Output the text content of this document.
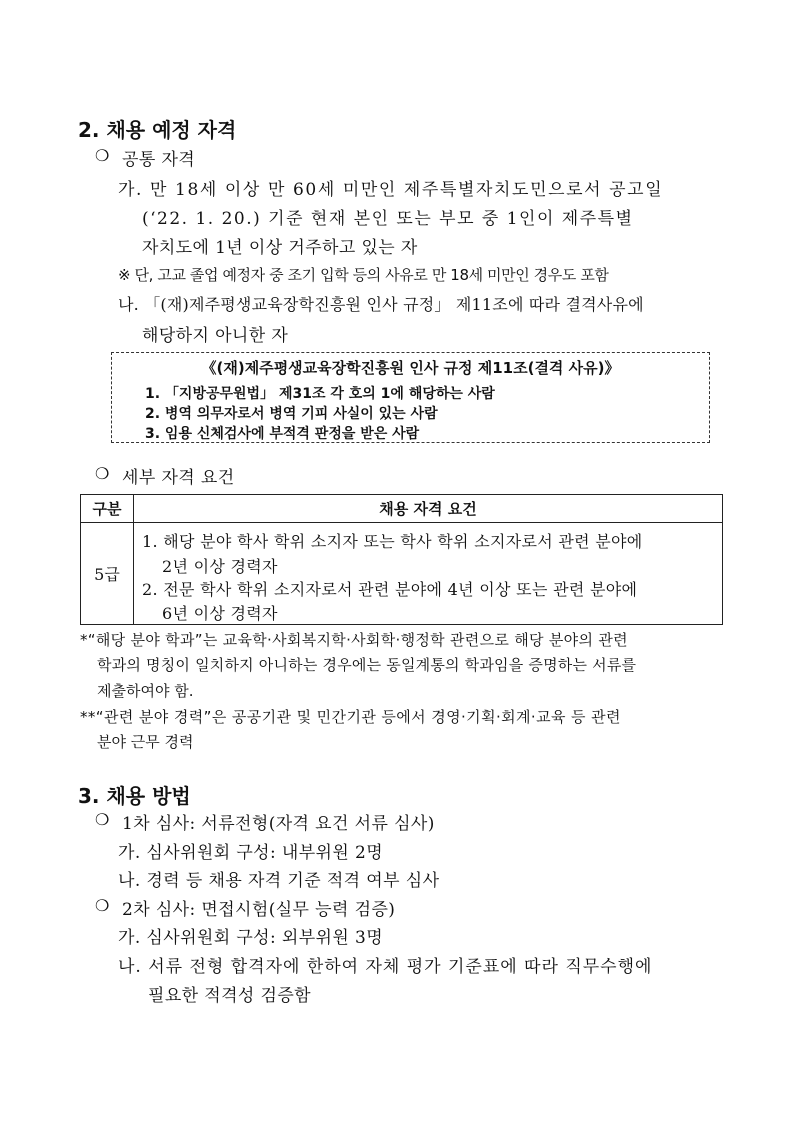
2. 채용 예정 자격
❍ 공통 자격
가. 만 18세 이상 만 60세 미만인 제주특별자치도민으로서 공고일
(‘22. 1. 20.) 기준 현재 본인 또는 부모 중 1인이 제주특별
자치도에 1년 이상 거주하고 있는 자
※ 단, 고교 졸업 예정자 중 조기 입학 등의 사유로 만 18세 미만인 경우도 포함
나. 「(재)제주평생교육장학진흥원 인사 규정」 제11조에 따라 결격사유에
해당하지 아니한 자
《(재)제주평생교육장학진흥원 인사 규정 제11조(결격 사유)》
1. 「지방공무원법」 제31조 각 호의 1에 해당하는 사람
2. 병역 의무자로서 병역 기피 사실이 있는 사람
3. 임용 신체검사에 부적격 판정을 받은 사람
❍ 세부 자격 요건
구분	채용 자격 요건
5급	1. 해당 분야 학사 학위 소지자 또는 학사 학위 소지자로서 관련 분야에
2년 이상 경력자
2. 전문 학사 학위 소지자로서 관련 분야에 4년 이상 또는 관련 분야에
6년 이상 경력자
*“해당 분야 학과”는 교육학·사회복지학·사회학·행정학 관련으로 해당 분야의 관련
학과의 명칭이 일치하지 아니하는 경우에는 동일계통의 학과임을 증명하는 서류를
제출하여야 함.
**“관련 분야 경력”은 공공기관 및 민간기관 등에서 경영·기획·회계·교육 등 관련
분야 근무 경력
3. 채용 방법
❍ 1차 심사: 서류전형(자격 요건 서류 심사)
가. 심사위원회 구성: 내부위원 2명
나. 경력 등 채용 자격 기준 적격 여부 심사
❍ 2차 심사: 면접시험(실무 능력 검증)
가. 심사위원회 구성: 외부위원 3명
나. 서류 전형 합격자에 한하여 자체 평가 기준표에 따라 직무수행에
필요한 적격성 검증함
